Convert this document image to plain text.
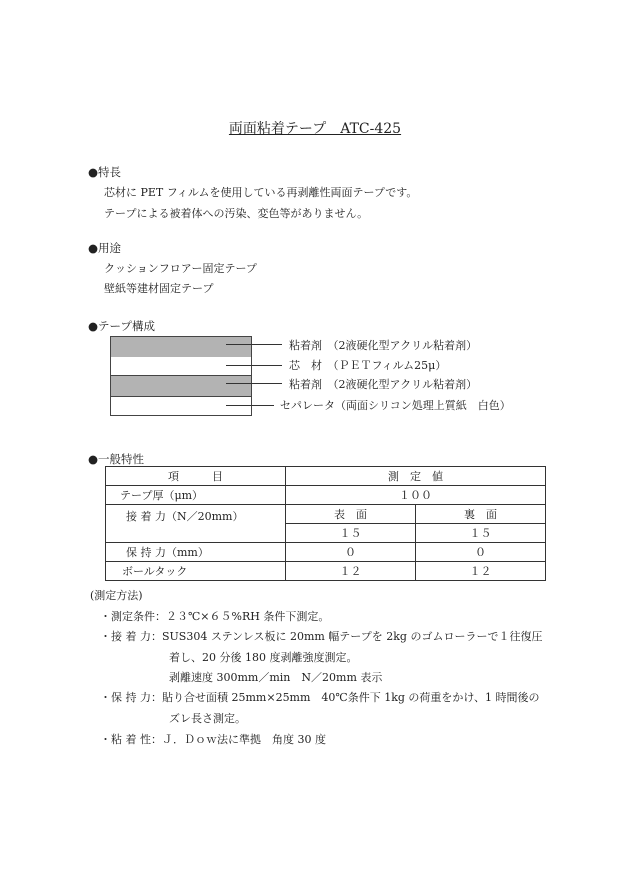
両面粘着テープ　ATC-425
●特長
芯材に PET フィルムを使用している再剥離性両面テープです。
テープによる被着体への汚染、変色等がありません。
●用途
クッションフロアー固定テープ
壁紙等建材固定テープ
●テープ構成
粘着剤　（2液硬化型アクリル粘着剤）
芯　材　（ＰＥＴフィルム25μ）
粘着剤　（2液硬化型アクリル粘着剤）
セパレータ（両面シリコン処理上質紙　白色）
●一般特性
項　　　目	測　定　値	
テープ厚（μm）	１００	
接 着 力（N／20mm）	表　面	裏　面
	１５	１５
保 持 力（mm）	０	０
ボールタック	１２	１２
(測定方法)
・測定条件：２３℃×６５%RH 条件下測定。
・接 着 力：SUS304 ステンレス板に 20mm 幅テープを 2kg のゴムローラーで１往復圧
着し、20 分後 180 度剥離強度測定。
剥離速度 300mm／min　N／20mm 表示
・保 持 力：貼り合せ面積 25mm×25mm　40℃条件下 1kg の荷重をかけ、1 時間後の
ズレ長さ測定。
・粘 着 性：Ｊ．Ｄｏｗ法に準拠　角度 30 度
